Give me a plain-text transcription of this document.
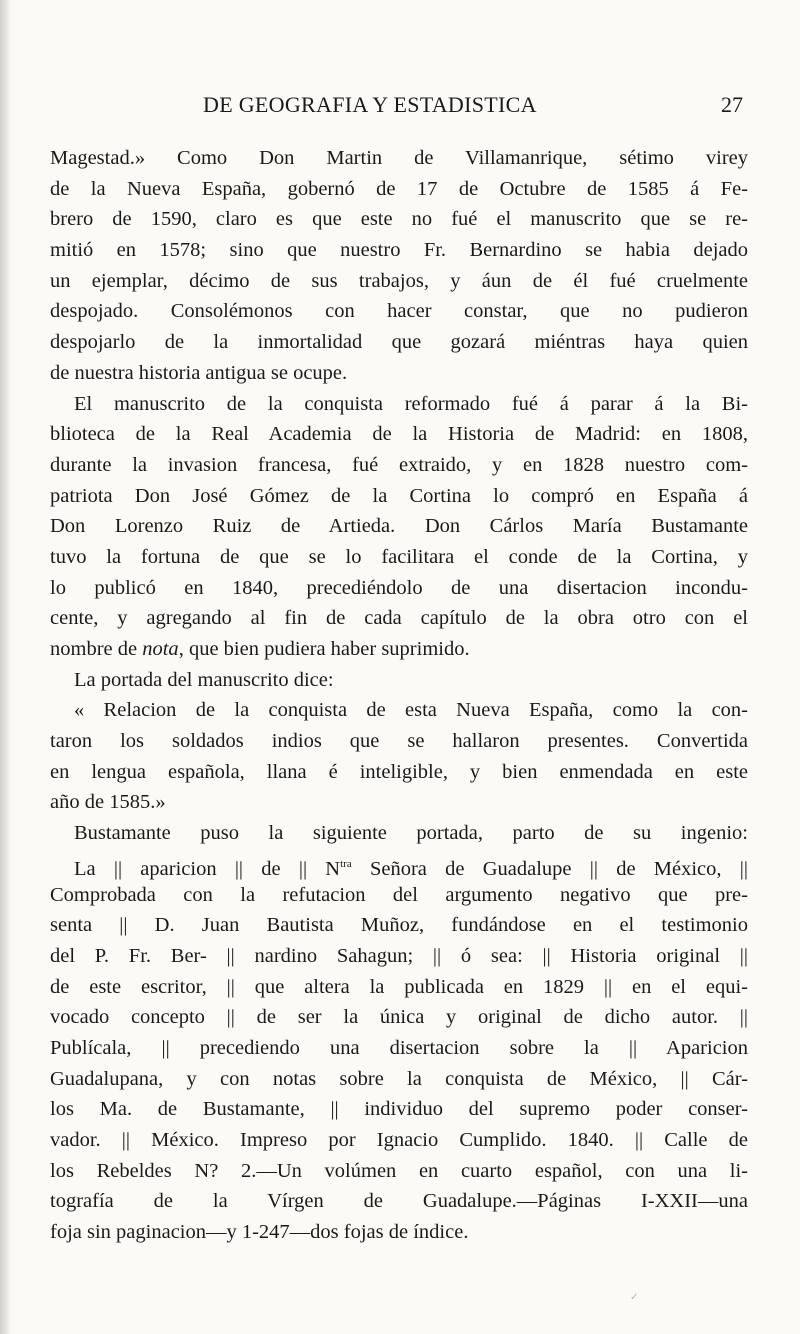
DE GEOGRAFIA Y ESTADISTICA	27
Magestad.» Como Don Martin de Villamanrique, sétimo virey
de la Nueva España, gobernó de 17 de Octubre de 1585 á Fe-
brero de 1590, claro es que este no fué el manuscrito que se re-
mitió en 1578; sino que nuestro Fr. Bernardino se habia dejado
un ejemplar, décimo de sus trabajos, y áun de él fué cruelmente
despojado. Consolémonos con hacer constar, que no pudieron
despojarlo de la inmortalidad que gozará miéntras haya quien
de nuestra historia antigua se ocupe.
El manuscrito de la conquista reformado fué á parar á la Bi-
blioteca de la Real Academia de la Historia de Madrid: en 1808,
durante la invasion francesa, fué extraido, y en 1828 nuestro com-
patriota Don José Gómez de la Cortina lo compró en España á
Don Lorenzo Ruiz de Artieda. Don Cárlos María Bustamante
tuvo la fortuna de que se lo facilitara el conde de la Cortina, y
lo publicó en 1840, precediéndolo de una disertacion incondu-
cente, y agregando al fin de cada capítulo de la obra otro con el
nombre de nota, que bien pudiera haber suprimido.
La portada del manuscrito dice:
« Relacion de la conquista de esta Nueva España, como la con-
taron los soldados indios que se hallaron presentes. Convertida
en lengua española, llana é inteligible, y bien enmendada en este
año de 1585.»
Bustamante puso la siguiente portada, parto de su ingenio:
La || aparicion || de || $N^{tra}$ Señora de Guadalupe || de México, ||
Comprobada con la refutacion del argumento negativo que pre-
senta || D. Juan Bautista Muñoz, fundándose en el testimonio
del P. Fr. Ber- || nardino Sahagun; || ó sea: || Historia original ||
de este escritor, || que altera la publicada en 1829 || en el equi-
vocado concepto || de ser la única y original de dicho autor. ||
Publícala, || precediendo una disertacion sobre la || Aparicion
Guadalupana, y con notas sobre la conquista de México, || Cár-
los Ma. de Bustamante, || individuo del supremo poder conser-
vador. || México. Impreso por Ignacio Cumplido. 1840. || Calle de
los Rebeldes N? 2.—Un volúmen en cuarto español, con una li-
tografía de la Vírgen de Guadalupe.—Páginas I-XXII—una
foja sin paginacion—y 1-247—dos fojas de índice.
✓
